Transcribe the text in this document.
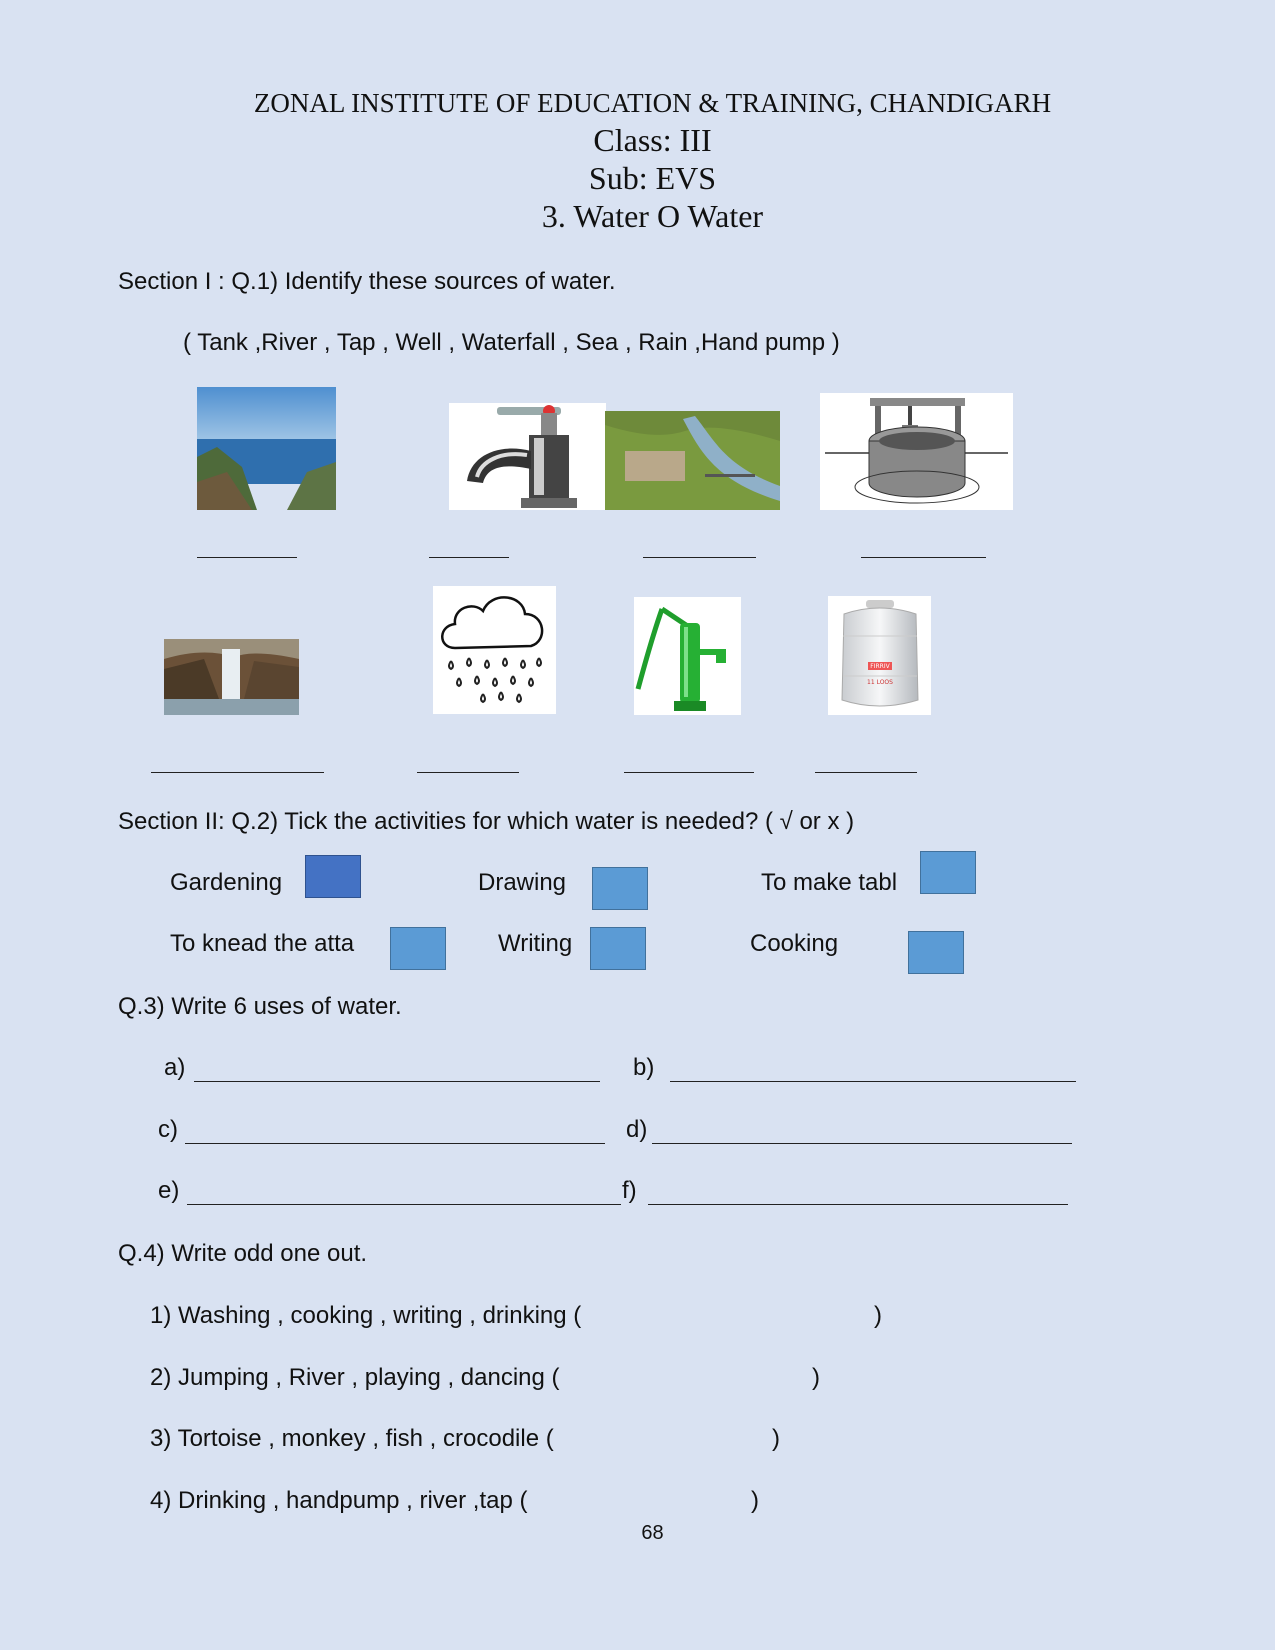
ZONAL INSTITUTE OF EDUCATION & TRAINING, CHANDIGARH
Class: III
Sub: EVS
3. Water O Water
Section I : Q.1) Identify these sources of water.
( Tank ,River , Tap , Well , Waterfall , Sea , Rain ,Hand pump )
FIRRIV
11 LOOS
Section II: Q.2) Tick the activities for which water is needed? ( √ or x )
Gardening	Drawing	To make tabl
To knead the atta	Writing	Cooking
Q.3) Write 6 uses of water.
a)	b)
c)	d)
e)	f)
Q.4) Write odd one out.
1) Washing , cooking , writing , drinking (	)
2) Jumping , River , playing , dancing (	)
3) Tortoise , monkey , fish , crocodile (	)
4) Drinking , handpump , river ,tap (	)
68
